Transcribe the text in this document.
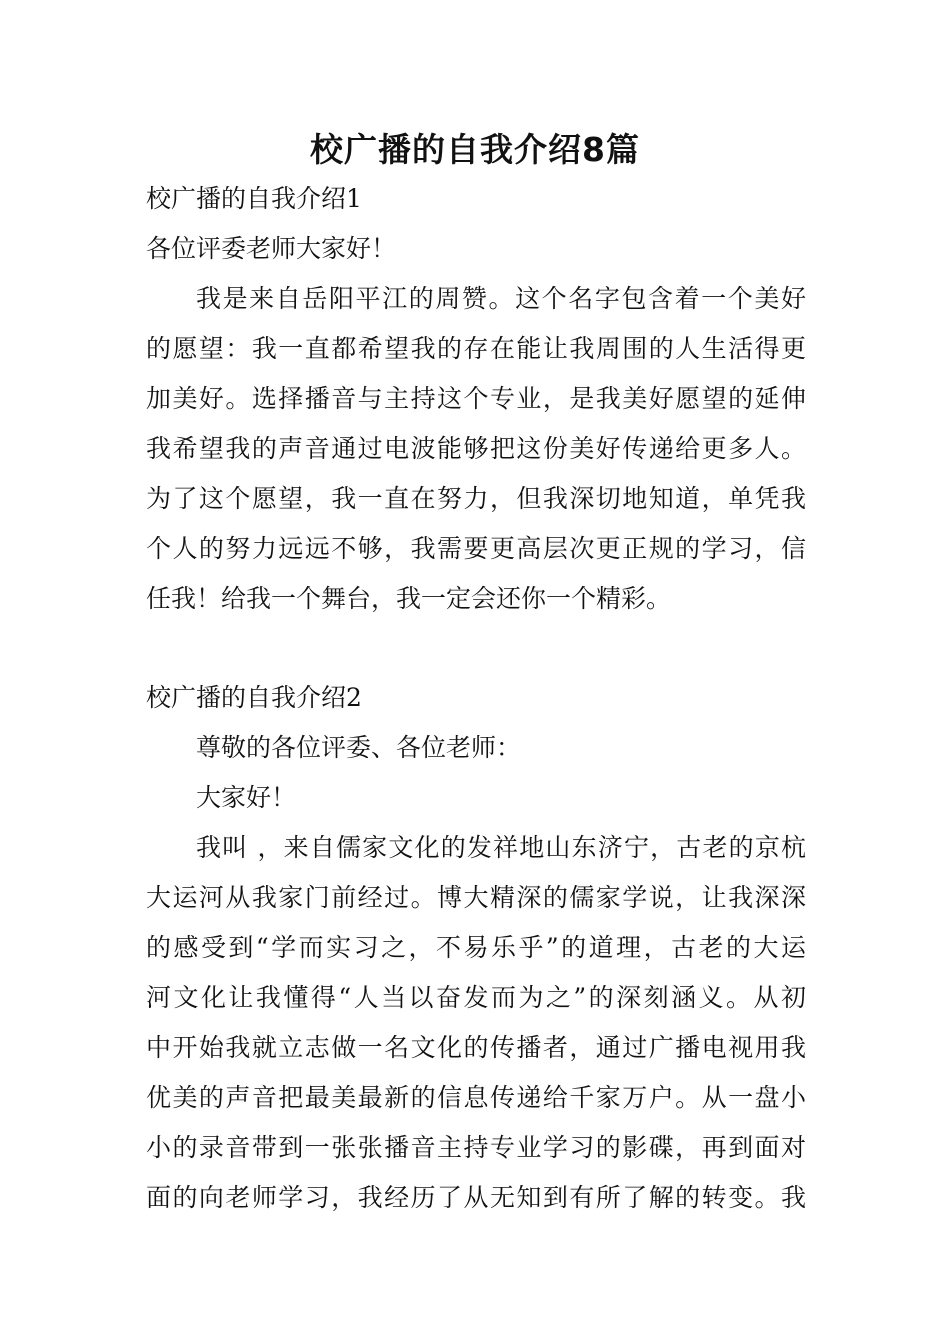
校广播的自我介绍8篇

校广播的自我介绍1

各位评委老师大家好！

我是来自岳阳平江的周赞。这个名字包含着一个美好

的愿望：我一直都希望我的存在能让我周围的人生活得更

加美好。选择播音与主持这个专业，是我美好愿望的延伸

我希望我的声音通过电波能够把这份美好传递给更多人。

为了这个愿望，我一直在努力，但我深切地知道，单凭我

个人的努力远远不够，我需要更高层次更正规的学习，信

任我！给我一个舞台，我一定会还你一个精彩。

校广播的自我介绍2

尊敬的各位评委、各位老师：

大家好！

我叫 ，来自儒家文化的发祥地山东济宁，古老的京杭

大运河从我家门前经过。博大精深的儒家学说，让我深深

的感受到“学而实习之，不易乐乎”的道理，古老的大运

河文化让我懂得“人当以奋发而为之”的深刻涵义。从初

中开始我就立志做一名文化的传播者，通过广播电视用我

优美的声音把最美最新的信息传递给千家万户。从一盘小

小的录音带到一张张播音主持专业学习的影碟，再到面对

面的向老师学习，我经历了从无知到有所了解的转变。我
